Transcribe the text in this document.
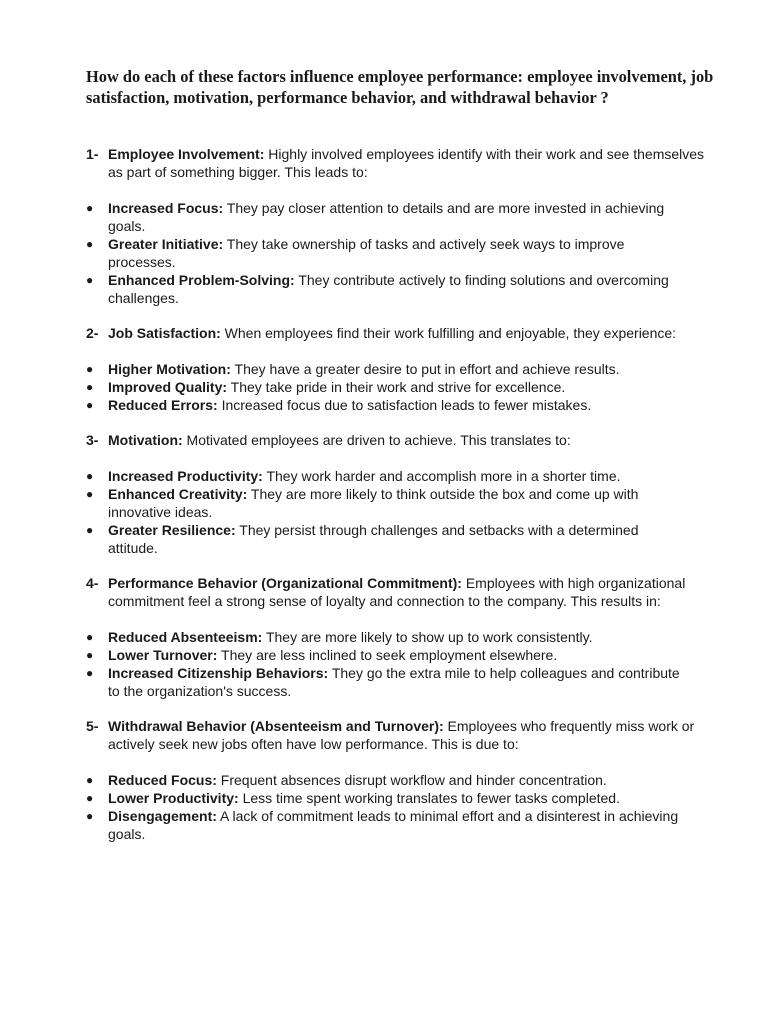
How do each of these factors influence employee performance: employee involvement, job satisfaction, motivation, performance behavior, and withdrawal behavior ?
1- Employee Involvement: Highly involved employees identify with their work and see themselves as part of something bigger. This leads to:
●	Increased Focus: They pay closer attention to details and are more invested in achieving goals.
●	Greater Initiative: They take ownership of tasks and actively seek ways to improve processes.
●	Enhanced Problem-Solving: They contribute actively to finding solutions and overcoming challenges.
2- Job Satisfaction: When employees find their work fulfilling and enjoyable, they experience:
●	Higher Motivation: They have a greater desire to put in effort and achieve results.
●	Improved Quality: They take pride in their work and strive for excellence.
●	Reduced Errors: Increased focus due to satisfaction leads to fewer mistakes.
3- Motivation: Motivated employees are driven to achieve. This translates to:
●	Increased Productivity: They work harder and accomplish more in a shorter time.
●	Enhanced Creativity: They are more likely to think outside the box and come up with innovative ideas.
●	Greater Resilience: They persist through challenges and setbacks with a determined attitude.
4- Performance Behavior (Organizational Commitment): Employees with high organizational commitment feel a strong sense of loyalty and connection to the company. This results in:
●	Reduced Absenteeism: They are more likely to show up to work consistently.
●	Lower Turnover: They are less inclined to seek employment elsewhere.
●	Increased Citizenship Behaviors: They go the extra mile to help colleagues and contribute to the organization's success.
5- Withdrawal Behavior (Absenteeism and Turnover): Employees who frequently miss work or actively seek new jobs often have low performance. This is due to:
●	Reduced Focus: Frequent absences disrupt workflow and hinder concentration.
●	Lower Productivity: Less time spent working translates to fewer tasks completed.
●	Disengagement: A lack of commitment leads to minimal effort and a disinterest in achieving goals.
